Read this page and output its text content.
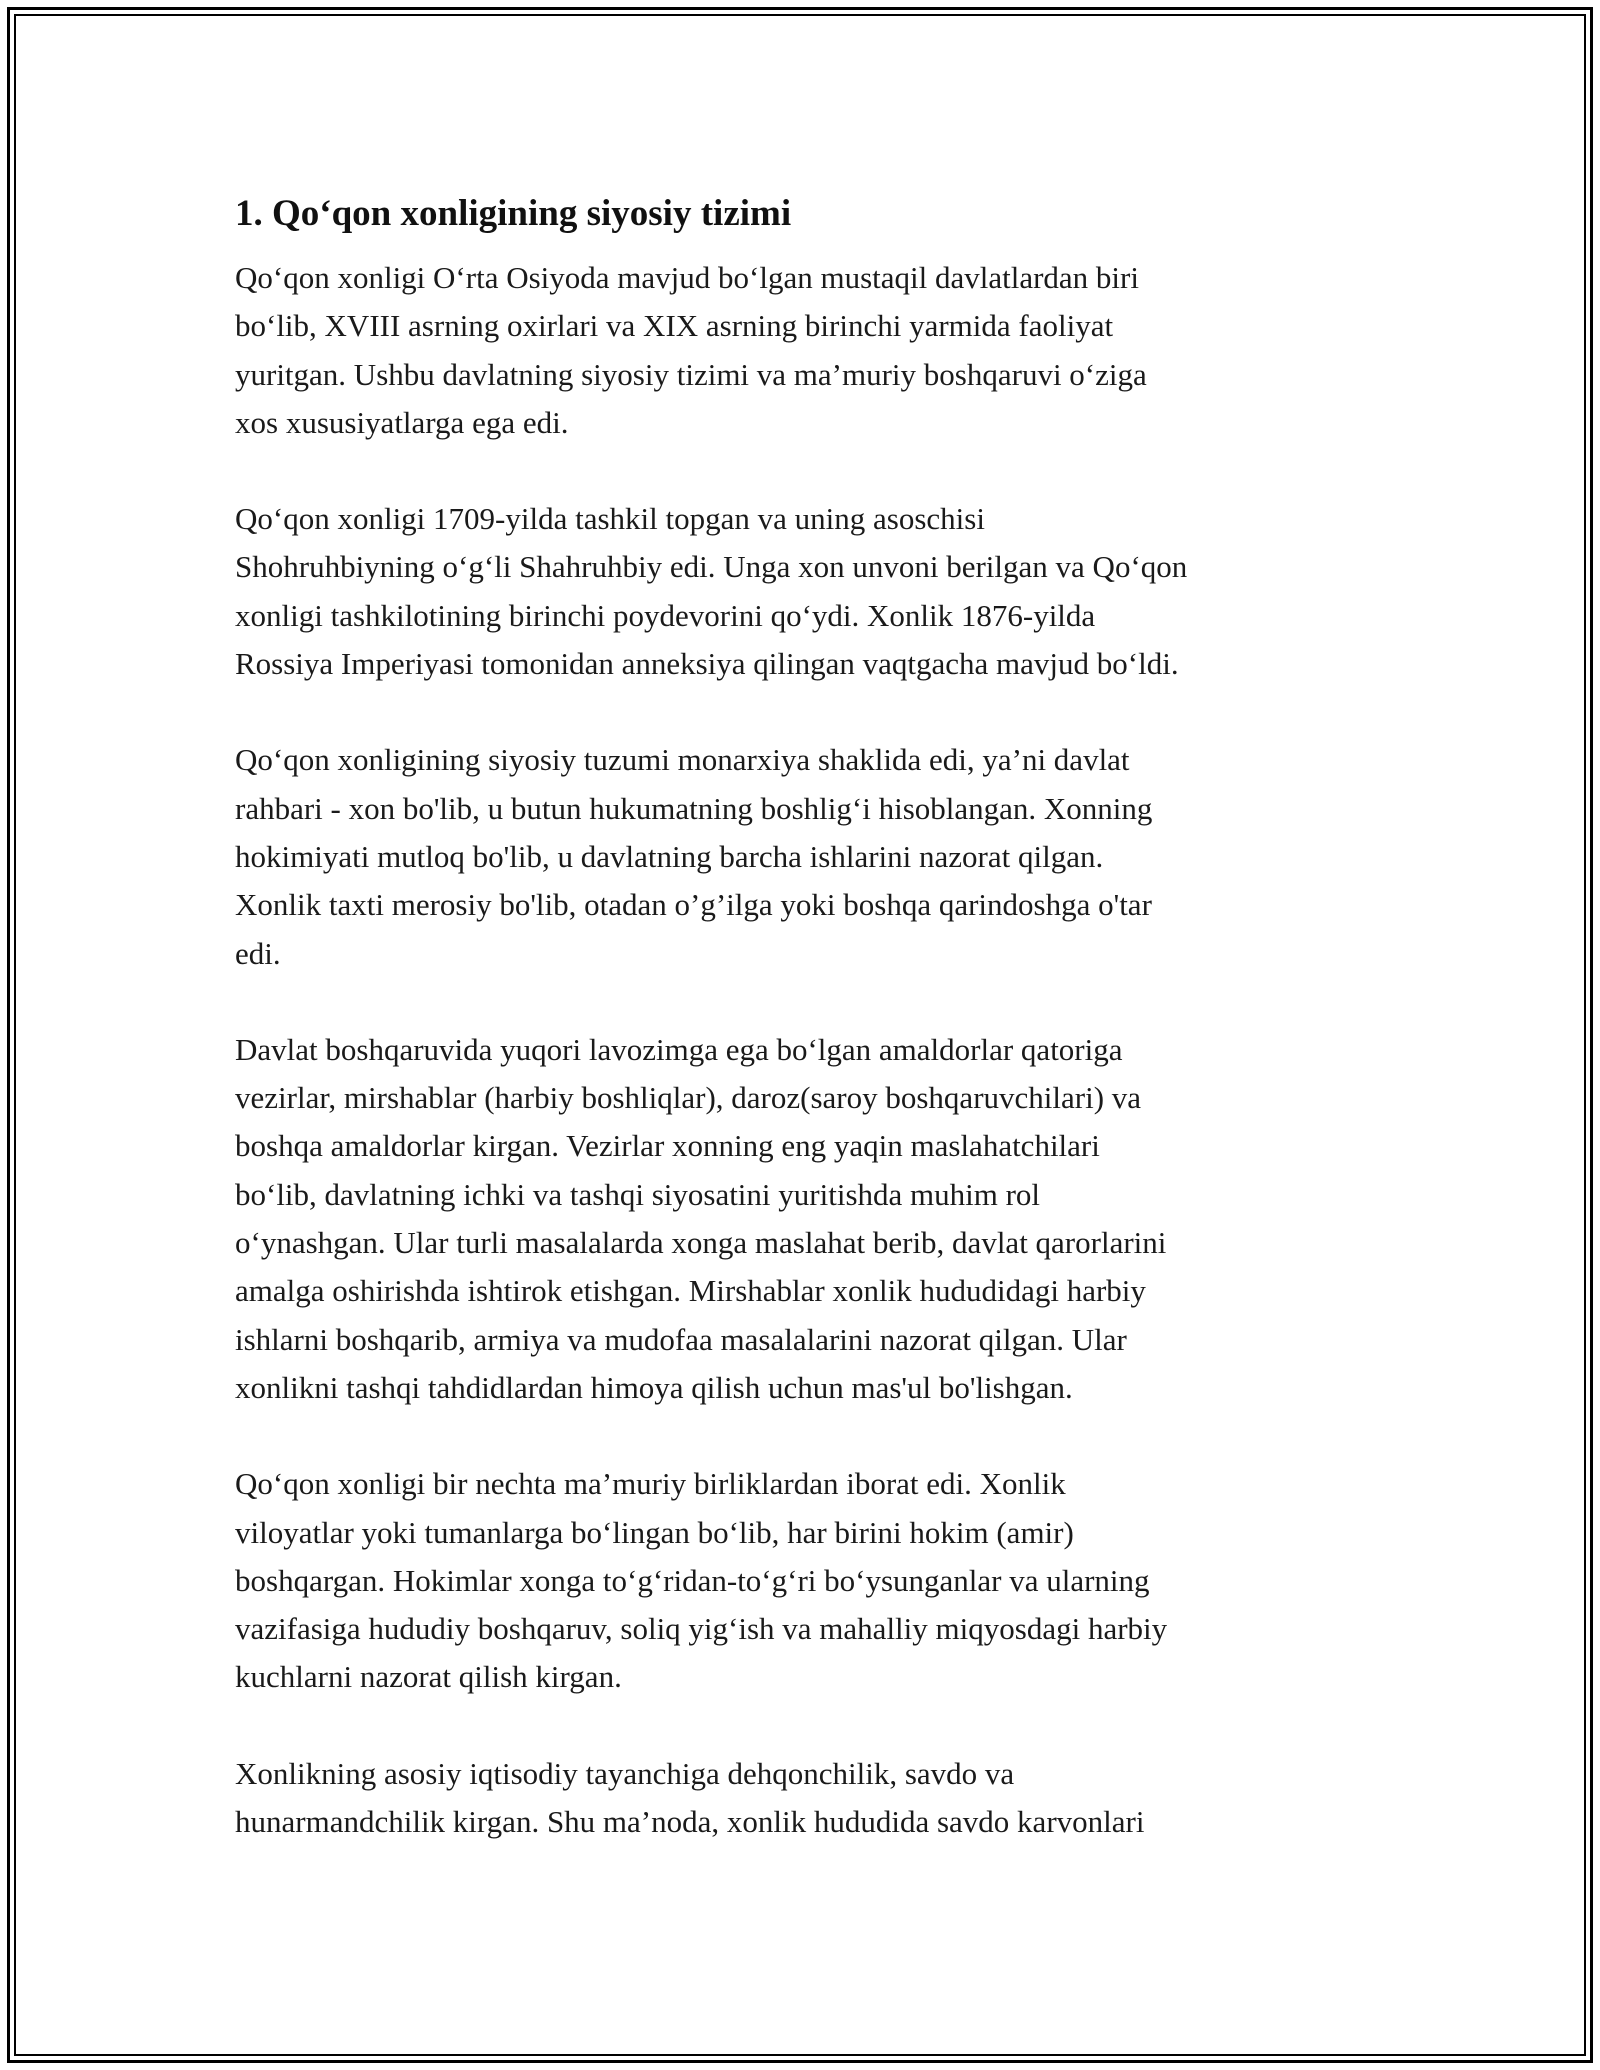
1. Qo‘qon xonligining siyosiy tizimi

Qo‘qon xonligi O‘rta Osiyoda mavjud bo‘lgan mustaqil davlatlardan biri
bo‘lib, XVIII asrning oxirlari va XIX asrning birinchi yarmida faoliyat
yuritgan. Ushbu davlatning siyosiy tizimi va ma’muriy boshqaruvi o‘ziga
xos xususiyatlarga ega edi.

Qo‘qon xonligi 1709-yilda tashkil topgan va uning asoschisi
Shohruhbiyning o‘g‘li Shahruhbiy edi. Unga xon unvoni berilgan va Qo‘qon
xonligi tashkilotining birinchi poydevorini qo‘ydi. Xonlik 1876-yilda
Rossiya Imperiyasi tomonidan anneksiya qilingan vaqtgacha mavjud bo‘ldi.

Qo‘qon xonligining siyosiy tuzumi monarxiya shaklida edi, ya’ni davlat
rahbari - xon bo'lib, u butun hukumatning boshlig‘i hisoblangan. Xonning
hokimiyati mutloq bo'lib, u davlatning barcha ishlarini nazorat qilgan.
Xonlik taxti merosiy bo'lib, otadan o’g’ilga yoki boshqa qarindoshga o'tar
edi.

Davlat boshqaruvida yuqori lavozimga ega bo‘lgan amaldorlar qatoriga
vezirlar, mirshablar (harbiy boshliqlar), daroz(saroy boshqaruvchilari) va
boshqa amaldorlar kirgan. Vezirlar xonning eng yaqin maslahatchilari
bo‘lib, davlatning ichki va tashqi siyosatini yuritishda muhim rol
o‘ynashgan. Ular turli masalalarda xonga maslahat berib, davlat qarorlarini
amalga oshirishda ishtirok etishgan. Mirshablar xonlik hududidagi harbiy
ishlarni boshqarib, armiya va mudofaa masalalarini nazorat qilgan. Ular
xonlikni tashqi tahdidlardan himoya qilish uchun mas'ul bo'lishgan.

Qo‘qon xonligi bir nechta ma’muriy birliklardan iborat edi. Xonlik
viloyatlar yoki tumanlarga bo‘lingan bo‘lib, har birini hokim (amir)
boshqargan. Hokimlar xonga to‘g‘ridan-to‘g‘ri bo‘ysunganlar va ularning
vazifasiga hududiy boshqaruv, soliq yig‘ish va mahalliy miqyosdagi harbiy
kuchlarni nazorat qilish kirgan.

Xonlikning asosiy iqtisodiy tayanchiga dehqonchilik, savdo va
hunarmandchilik kirgan. Shu ma’noda, xonlik hududida savdo karvonlari
